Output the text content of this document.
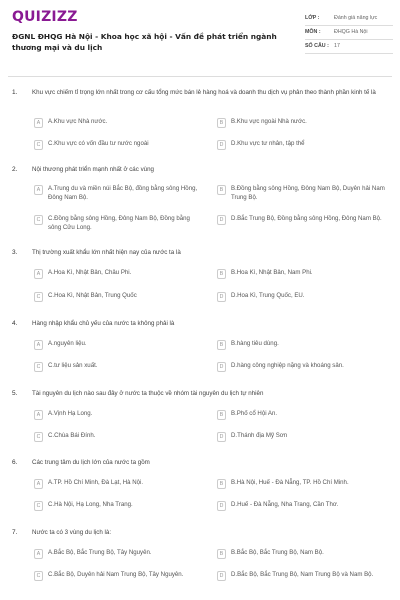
QUIZIZZ
ĐGNL ĐHQG Hà Nội - Khoa học xã hội - Vấn đề phát triển ngành thương mại và du lịch
LỚP :	Đánh giá năng lực
MÔN :	ĐHQG Hà Nội
SỐ CÂU : 17
1. Khu vực chiếm tỉ trọng lớn nhất trong cơ cấu tổng mức bán lẻ hàng hoá và doanh thu dịch vụ phân theo thành phần kinh tế là
A	A.Khu vực Nhà nước.	B	B.Khu vực ngoài Nhà nước.
C	C.Khu vực có vốn đầu tư nước ngoài	D	D.Khu vực tư nhân, tập thể
2. Nội thương phát triển mạnh nhất ở các vùng
A	A.Trung du và miền núi Bắc Bộ, đồng bằng sông Hồng, Đông Nam Bộ.
B	B.Đồng bằng sông Hồng, Đông Nam Bộ, Duyên hải Nam Trung Bộ.
C	C.Đồng bằng sông Hồng, Đông Nam Bộ, Đồng bằng sông Cửu Long.
D	D.Bắc Trung Bộ, Đồng bằng sông Hồng, Đông Nam Bộ.
3. Thị trường xuất khẩu lớn nhất hiện nay của nước ta là
A	A.Hoa Kì, Nhật Bản, Châu Phi.	B	B.Hoa Kì, Nhật Bản, Nam Phi.
C	C.Hoa Kì, Nhật Bản, Trung Quốc	D	D.Hoa Kì, Trung Quốc, EU.
4. Hàng nhập khẩu chủ yếu của nước ta không phải là
A	A.nguyên liệu.	B	B.hàng tiêu dùng.
C	C.tư liệu sản xuất.	D	D.hàng công nghiệp nặng và khoáng sản.
5. Tài nguyên du lịch nào sau đây ở nước ta thuộc về nhóm tài nguyên du lịch tự nhiên
A	A.Vịnh Hạ Long.	B	B.Phố cổ Hội An.
C	C.Chùa Bái Đính.	D	D.Thánh địa Mỹ Sơn
6. Các trung tâm du lịch lớn của nước ta gồm
A	A.TP. Hồ Chí Minh, Đà Lạt, Hà Nội.	B	B.Hà Nội, Huế - Đà Nẵng, TP. Hồ Chí Minh.
C	C.Hà Nội, Hạ Long, Nha Trang.	D	D.Huế - Đà Nẵng, Nha Trang, Cần Thơ.
7. Nước ta có 3 vùng du lịch là:
A	A.Bắc Bộ, Bắc Trung Bộ, Tây Nguyên.	B	B.Bắc Bộ, Bắc Trung Bộ, Nam Bộ.
C	C.Bắc Bộ, Duyên hải Nam Trung Bộ, Tây Nguyên.	D	D.Bắc Bộ, Bắc Trung Bộ, Nam Trung Bộ và Nam Bộ.
